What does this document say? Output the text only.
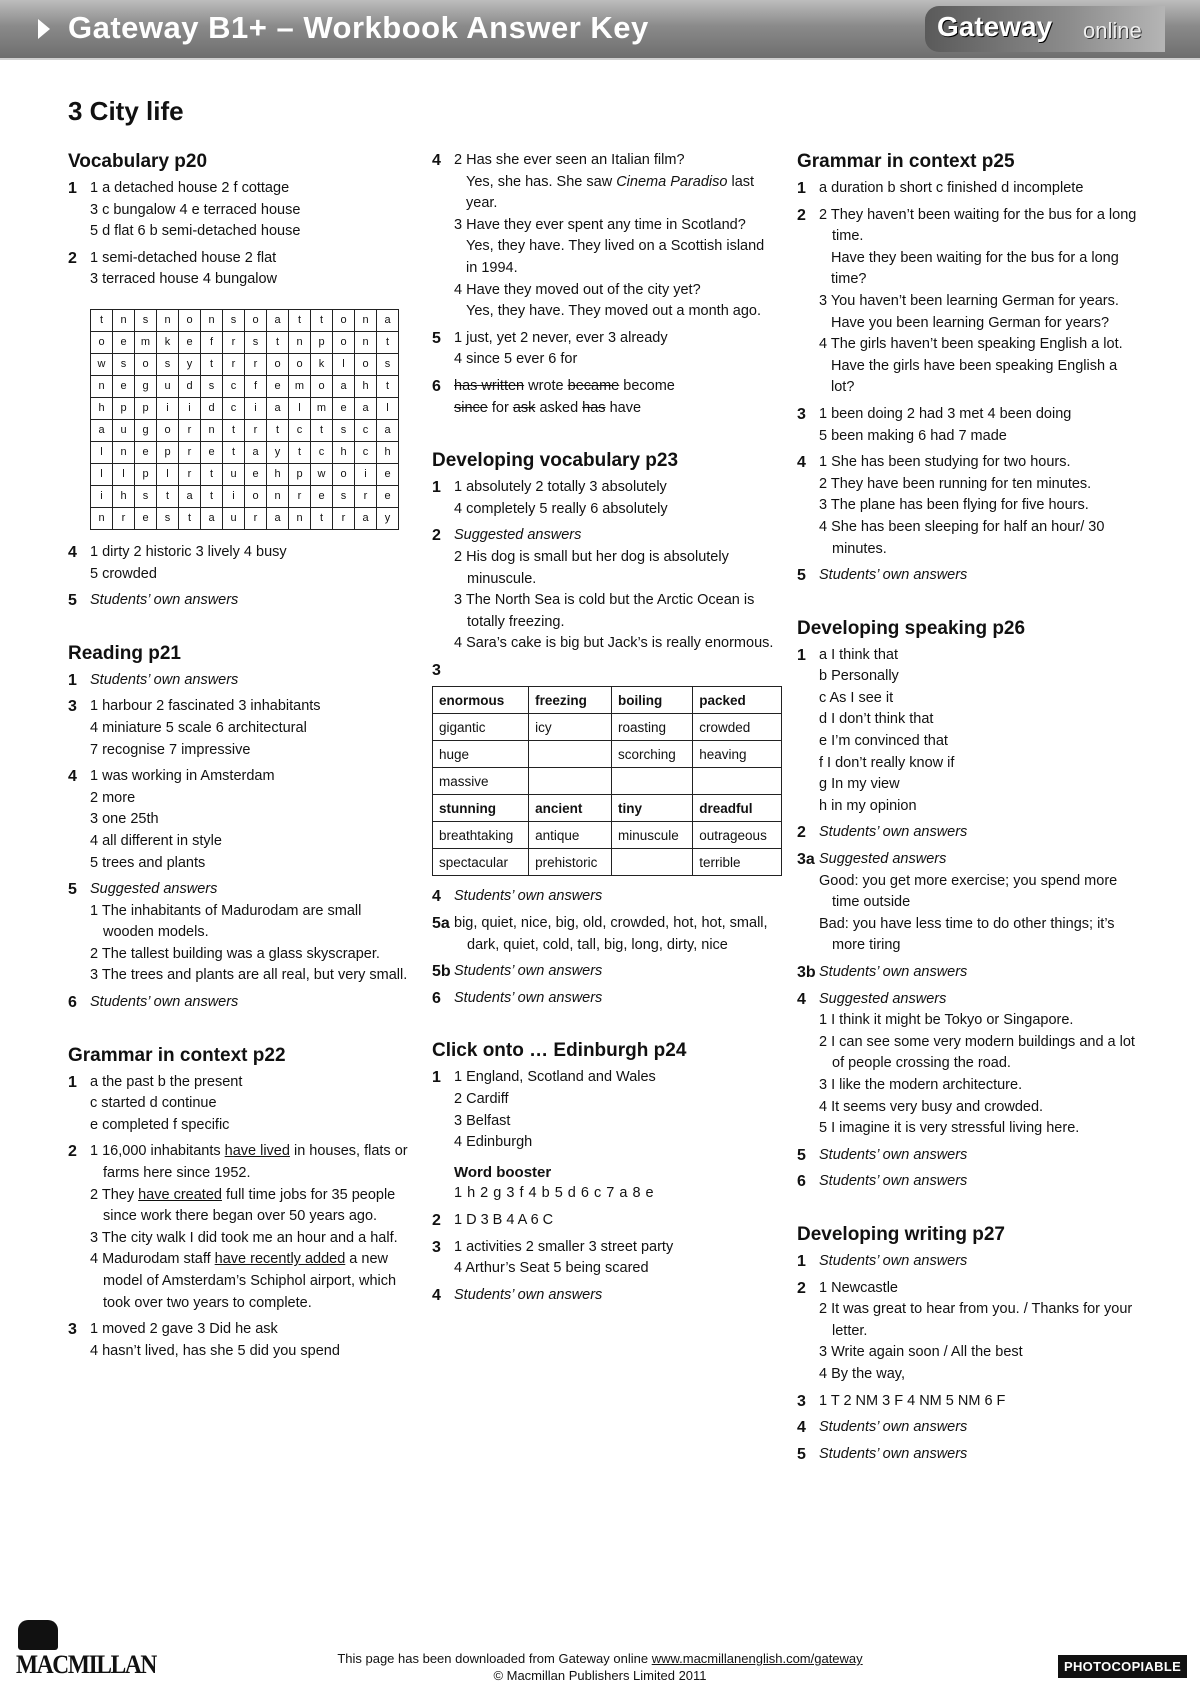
Gateway B1+ – Workbook Answer Key	Gateway online
3 City life
Vocabulary p20
1 1 a detached house 2 f cottage
3 c bungalow 4 e terraced house
5 d flat 6 b semi-detached house
2 1 semi-detached house 2 flat
3 terraced house 4 bungalow
t	n	s	n	o	n	s	o	a	t	t	o	n	a
o	e	m	k	e	f	r	s	t	n	p	o	n	t
w	s	o	s	y	t	r	r	o	o	k	l	o	s
n	e	g	u	d	s	c	f	e	m	o	a	h	t
h	p	p	i	i	d	c	i	a	l	m	e	a	l
a	u	g	o	r	n	t	r	t	c	t	s	c	a
l	n	e	p	r	e	t	a	y	t	c	h	c	h
l	l	p	l	r	t	u	e	h	p	w	o	i	e
i	h	s	t	a	t	i	o	n	r	e	s	r	e
n	r	e	s	t	a	u	r	a	n	t	r	a	y
4 1 dirty 2 historic 3 lively 4 busy
5 crowded
5 Students’ own answers
Reading p21
1 Students’ own answers
3 1 harbour 2 fascinated 3 inhabitants
4 miniature 5 scale 6 architectural
7 recognise 7 impressive
4 1 was working in Amsterdam
2 more
3 one 25th
4 all different in style
5 trees and plants
5 Suggested answers
1 The inhabitants of Madurodam are small wooden models.
2 The tallest building was a glass skyscraper.
3 The trees and plants are all real, but very small.
6 Students’ own answers
Grammar in context p22
1 a the past b the present
c started d continue
e completed f specific
2 1 16,000 inhabitants have lived in houses, flats or farms here since 1952.
2 They have created full time jobs for 35 people since work there began over 50 years ago.
3 The city walk I did took me an hour and a half.
4 Madurodam staff have recently added a new model of Amsterdam’s Schiphol airport, which took over two years to complete.
3 1 moved 2 gave 3 Did he ask
4 hasn’t lived, has she 5 did you spend
4 2 Has she ever seen an Italian film?
Yes, she has. She saw Cinema Paradiso last year.
3 Have they ever spent any time in Scotland?
Yes, they have. They lived on a Scottish island in 1994.
4 Have they moved out of the city yet?
Yes, they have. They moved out a month ago.
5 1 just, yet 2 never, ever 3 already
4 since 5 ever 6 for
6 has written wrote became become
since for ask asked has have
Developing vocabulary p23
1 1 absolutely 2 totally 3 absolutely
4 completely 5 really 6 absolutely
2 Suggested answers
2 His dog is small but her dog is absolutely minuscule.
3 The North Sea is cold but the Arctic Ocean is totally freezing.
4 Sara’s cake is big but Jack’s is really enormous.
3
enormous	freezing	boiling	packed
gigantic	icy	roasting	crowded
huge		scorching	heaving
massive			
stunning	ancient	tiny	dreadful
breathtaking	antique	minuscule	outrageous
spectacular	prehistoric		terrible
4 Students’ own answers
5a big, quiet, nice, big, old, crowded, hot, hot, small, dark, quiet, cold, tall, big, long, dirty, nice
5b Students’ own answers
6 Students’ own answers
Click onto … Edinburgh p24
1 1 England, Scotland and Wales
2 Cardiff
3 Belfast
4 Edinburgh
Word booster
1 h 2 g 3 f 4 b 5 d 6 c 7 a 8 e
2 1 D 3 B 4 A 6 C
3 1 activities 2 smaller 3 street party
4 Arthur’s Seat 5 being scared
4 Students’ own answers
Grammar in context p25
1 a duration b short c finished d incomplete
2 2 They haven’t been waiting for the bus for a long time.
Have they been waiting for the bus for a long time?
3 You haven’t been learning German for years.
Have you been learning German for years?
4 The girls haven’t been speaking English a lot.
Have the girls have been speaking English a lot?
3 1 been doing 2 had 3 met 4 been doing
5 been making 6 had 7 made
4 1 She has been studying for two hours.
2 They have been running for ten minutes.
3 The plane has been flying for five hours.
4 She has been sleeping for half an hour/ 30 minutes.
5 Students’ own answers
Developing speaking p26
1 a I think that
b Personally
c As I see it
d I don’t think that
e I’m convinced that
f I don’t really know if
g In my view
h in my opinion
2 Students’ own answers
3a Suggested answers
Good: you get more exercise; you spend more time outside
Bad: you have less time to do other things; it’s more tiring
3b Students’ own answers
4 Suggested answers
1 I think it might be Tokyo or Singapore.
2 I can see some very modern buildings and a lot of people crossing the road.
3 I like the modern architecture.
4 It seems very busy and crowded.
5 I imagine it is very stressful living here.
5 Students’ own answers
6 Students’ own answers
Developing writing p27
1 Students’ own answers
2 1 Newcastle
2 It was great to hear from you. / Thanks for your letter.
3 Write again soon / All the best
4 By the way,
3 1 T 2 NM 3 F 4 NM 5 NM 6 F
4 Students’ own answers
5 Students’ own answers
MACMILLAN	This page has been downloaded from Gateway online www.macmillanenglish.com/gateway
© Macmillan Publishers Limited 2011
PHOTOCOPIABLE
